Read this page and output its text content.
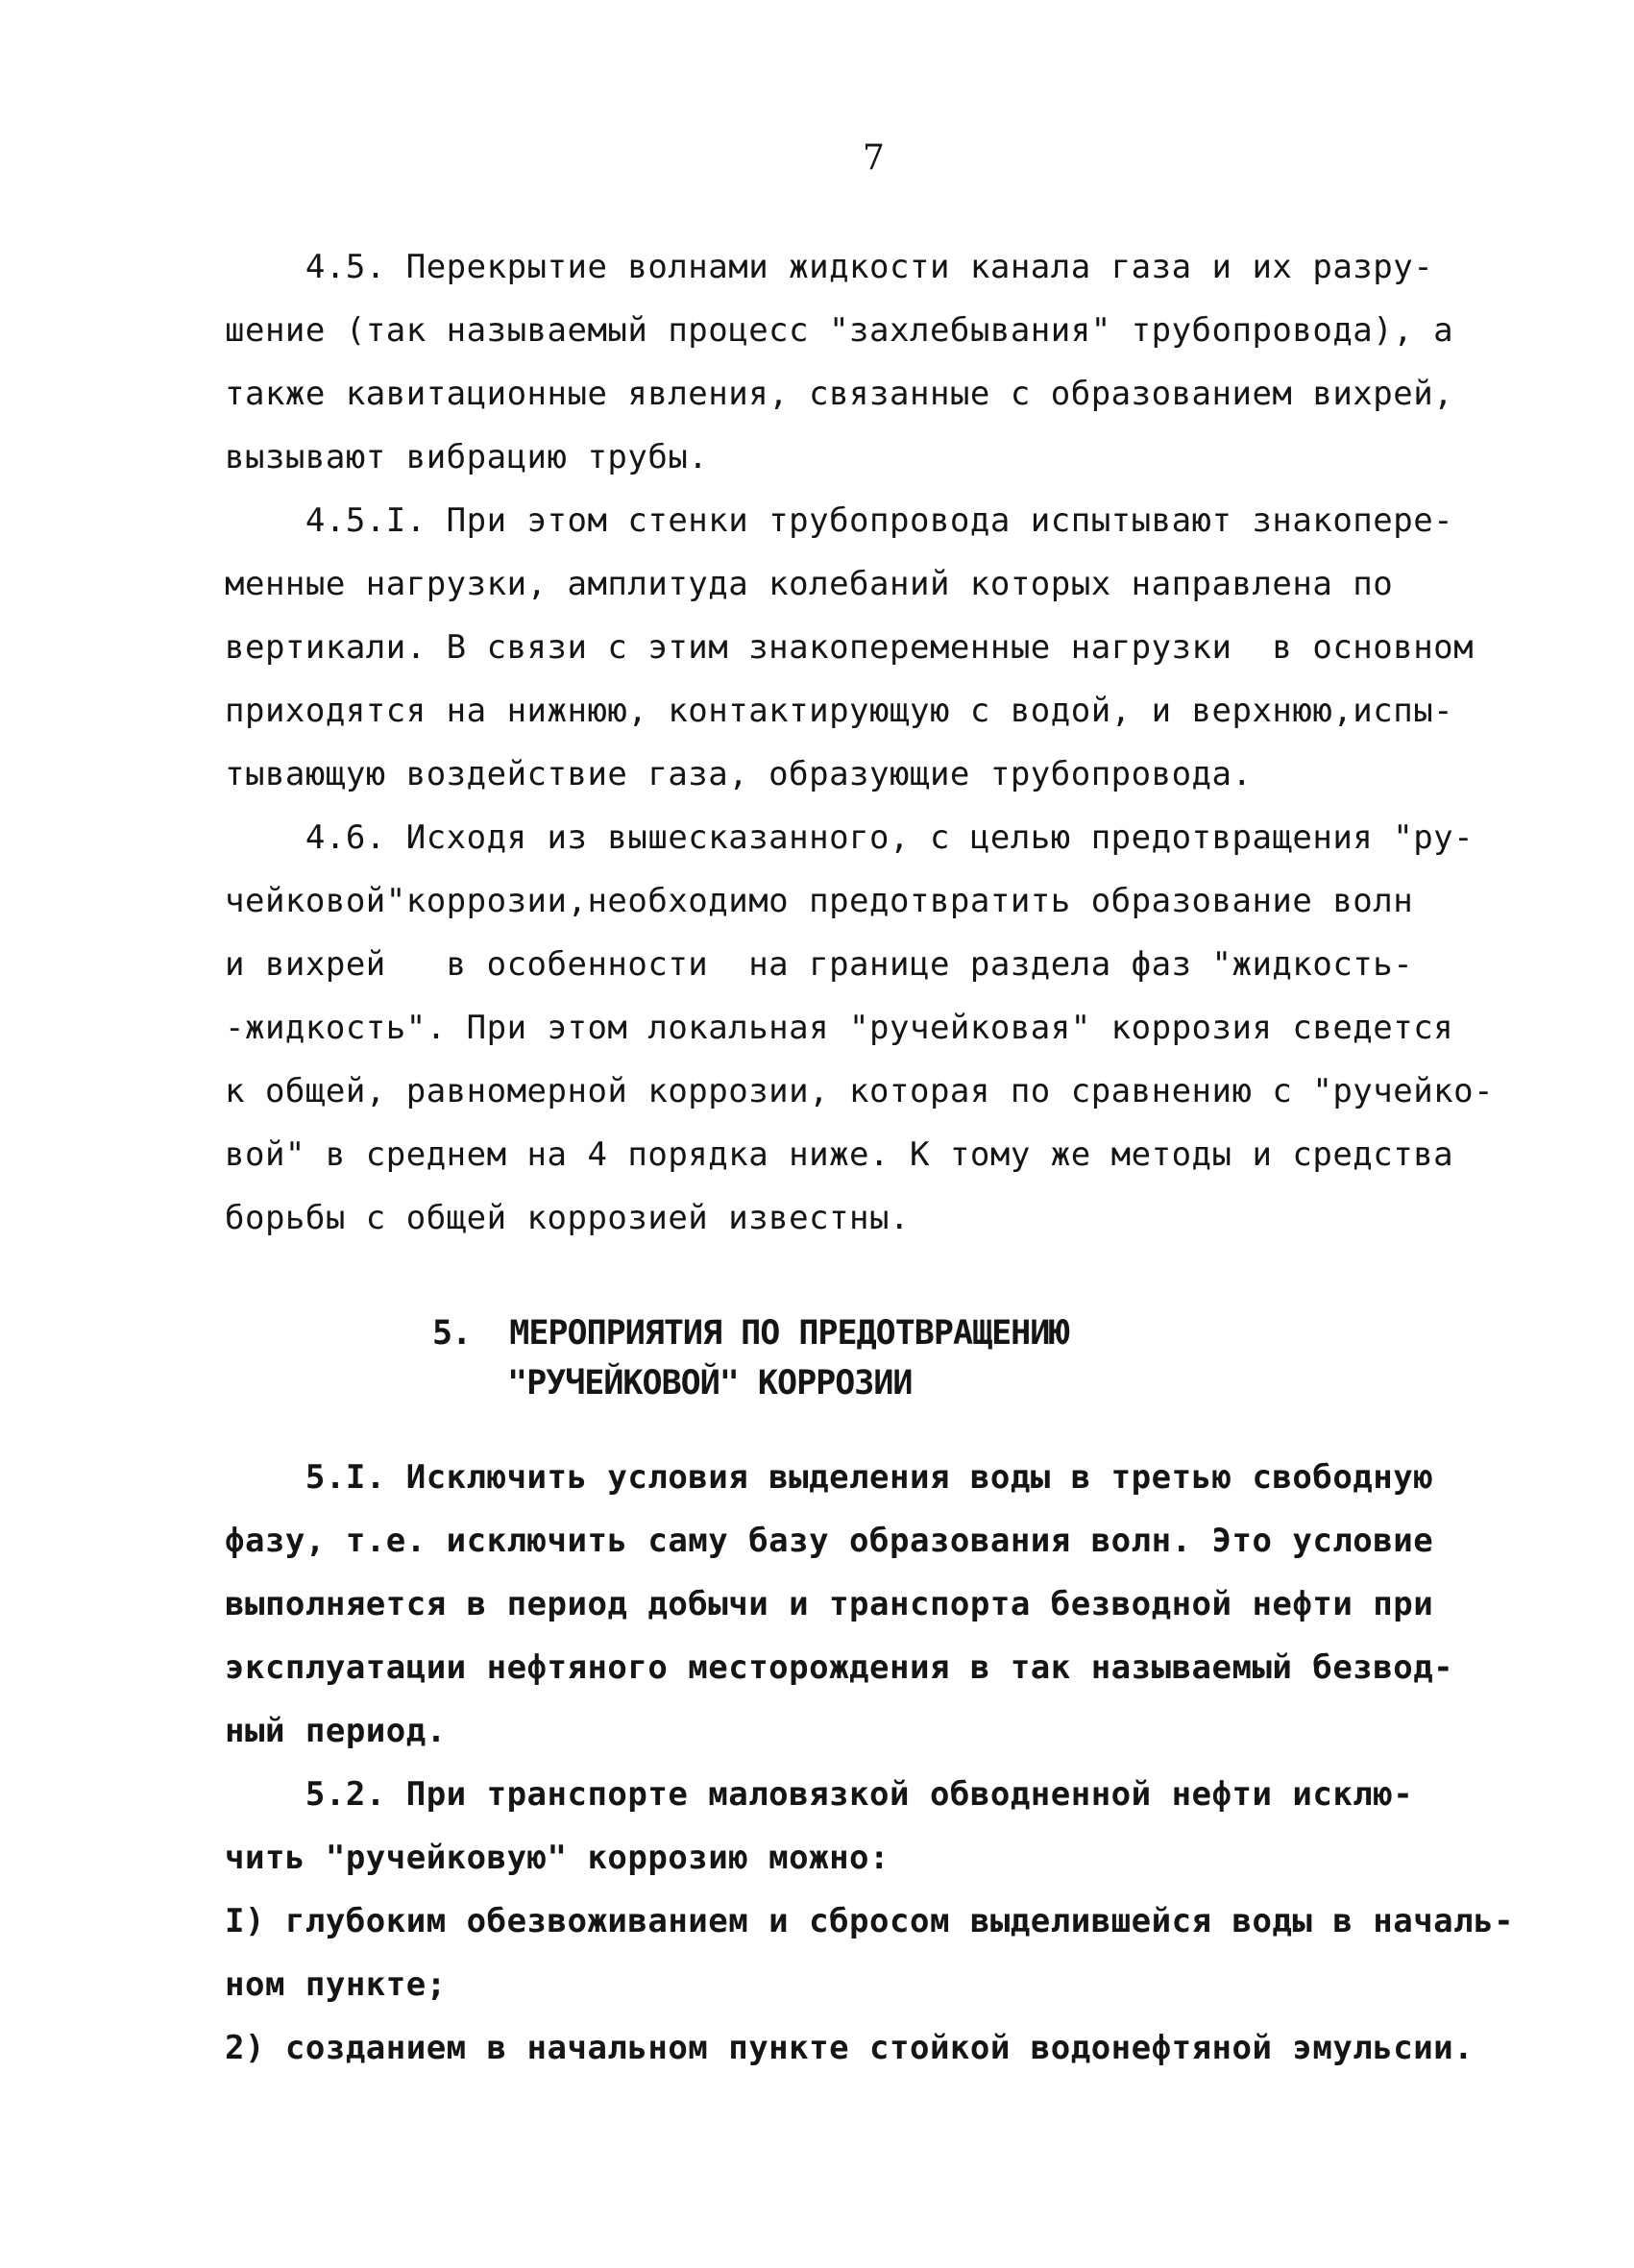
7
4.5. Перекрытие волнами жидкости канала газа и их разру-
шение (так называемый процесс "захлебывания" трубопровода), а
также кавитационные явления, связанные с образованием вихрей,
вызывают вибрацию трубы.
4.5.I. При этом стенки трубопровода испытывают знакопере-
менные нагрузки, амплитуда колебаний которых направлена по
вертикали. В связи с этим знакопеременные нагрузки  в основном
приходятся на нижнюю, контактирующую с водой, и верхнюю,испы-
тывающую воздействие газа, образующие трубопровода.
4.6. Исходя из вышесказанного, с целью предотвращения "ру-
чейковой"коррозии,необходимо предотвратить образование волн
и вихрей   в особенности  на границе раздела фаз "жидкость-
-жидкость". При этом локальная "ручейковая" коррозия сведется
к общей, равномерной коррозии, которая по сравнению с "ручейко-
вой" в среднем на 4 порядка ниже. К тому же методы и средства
борьбы с общей коррозией известны.
5.  МЕРОПРИЯТИЯ ПО ПРЕДОТВРАЩЕНИЮ
"РУЧЕЙКОВОЙ" КОРРОЗИИ
5.I. Исключить условия выделения воды в третью свободную
фазу, т.е. исключить саму базу образования волн. Это условие
выполняется в период добычи и транспорта безводной нефти при
эксплуатации нефтяного месторождения в так называемый безвод-
ный период.
5.2. При транспорте маловязкой обводненной нефти исклю-
чить "ручейковую" коррозию можно:
I) глубоким обезвоживанием и сбросом выделившейся воды в началь-
ном пункте;
2) созданием в начальном пункте стойкой водонефтяной эмульсии.
